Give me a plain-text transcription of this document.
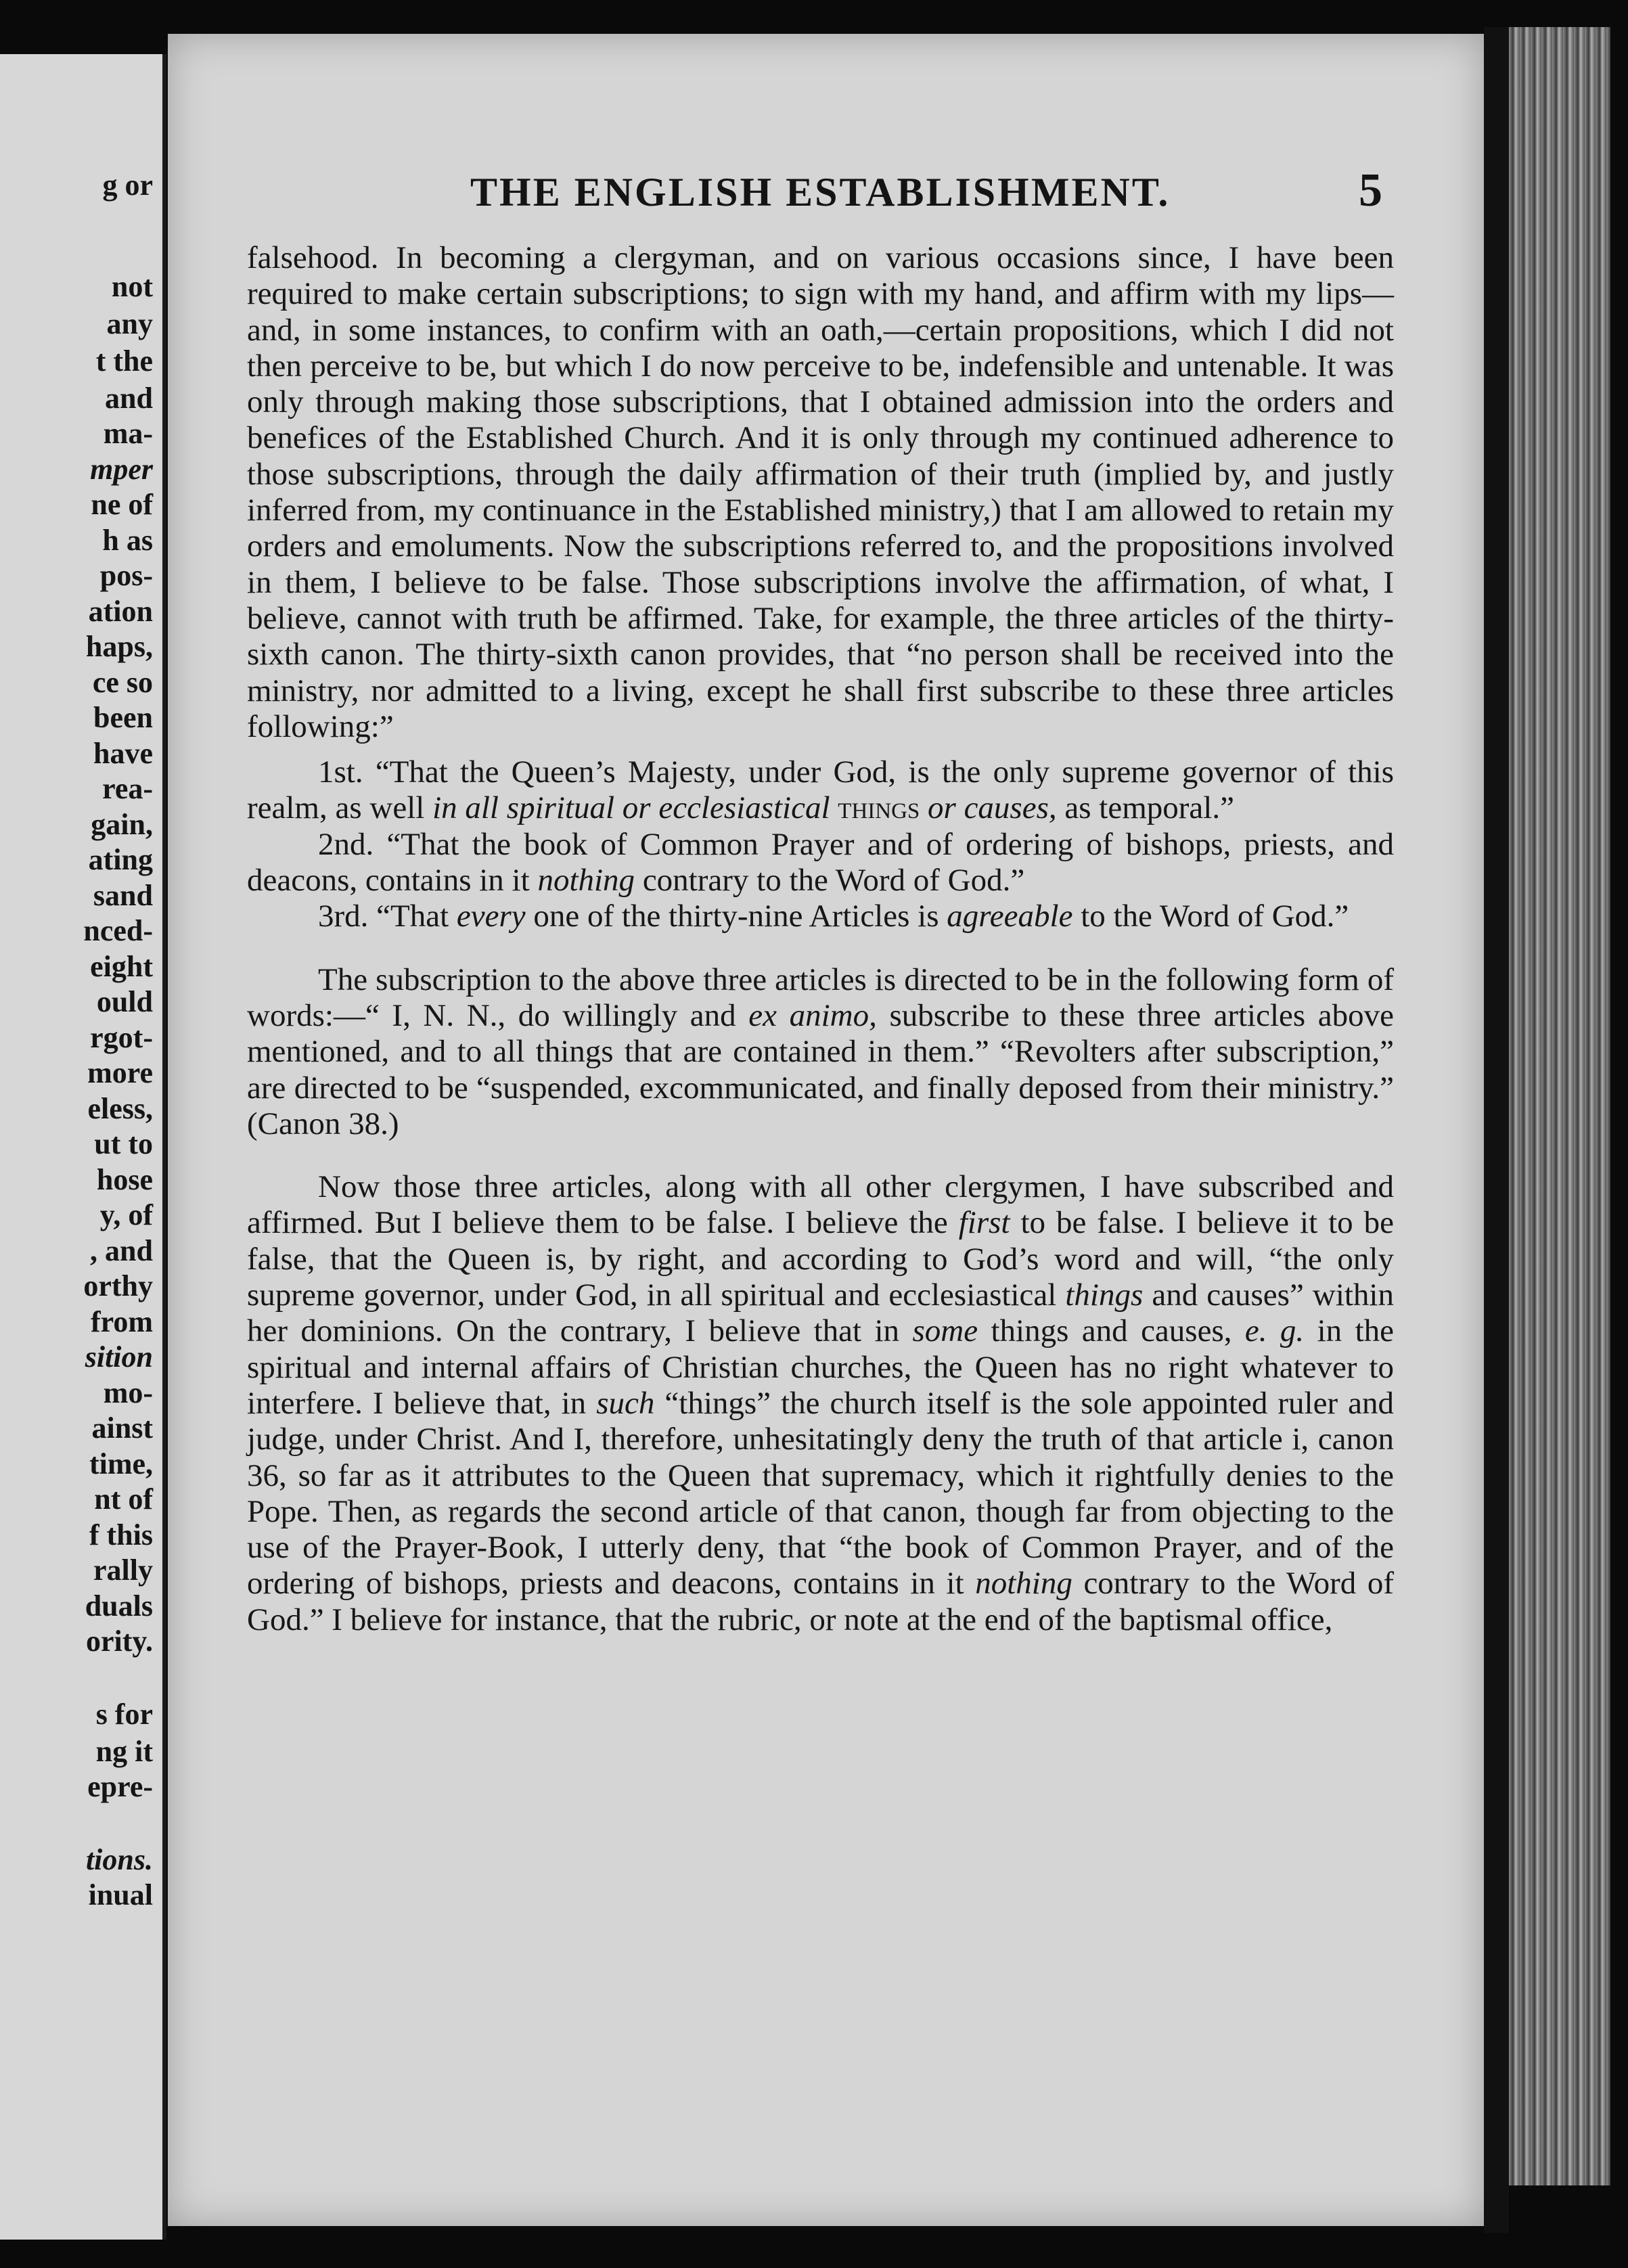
g or
not
any
t the
and
ma-
mper
ne of
h as
pos-
ation
haps,
ce so
been
have
rea-
gain,
ating
sand
nced-
eight
ould
rgot-
more
eless,
ut to
hose
y, of
, and
orthy
from
sition
mo-
ainst
time,
nt of
f this
rally
duals
ority.
s for
ng it
epre-
tions.
inual
THE ENGLISH ESTABLISHMENT.	5

falsehood. In becoming a clergyman, and on various occasions since, I have been required to make certain subscriptions; to sign with my hand, and affirm with my lips—and, in some instances, to confirm with an oath,—certain propositions, which I did not then perceive to be, but which I do now perceive to be, indefensible and untenable. It was only through making those subscriptions, that I obtained admission into the orders and benefices of the Established Church. And it is only through my continued adherence to those subscriptions, through the daily affirmation of their truth (implied by, and justly inferred from, my continuance in the Established ministry,) that I am allowed to retain my orders and emoluments. Now the subscriptions referred to, and the propositions involved in them, I believe to be false. Those subscriptions involve the affirmation, of what, I believe, cannot with truth be affirmed. Take, for example, the three articles of the thirty-sixth canon. The thirty-sixth canon provides, that “no person shall be received into the ministry, nor admitted to a living, except he shall first subscribe to these three articles following:”

1st. “That the Queen’s Majesty, under God, is the only supreme governor of this realm, as well in all spiritual or ecclesiastical things or causes, as temporal.”

2nd. “That the book of Common Prayer and of ordering of bishops, priests, and deacons, contains in it nothing contrary to the Word of God.”

3rd. “That every one of the thirty-nine Articles is agreeable to the Word of God.”

The subscription to the above three articles is directed to be in the following form of words:—“ I, N. N., do willingly and ex animo, subscribe to these three articles above mentioned, and to all things that are contained in them.” “Revolters after subscription,” are directed to be “suspended, excommunicated, and finally deposed from their ministry.” (Canon 38.)

Now those three articles, along with all other clergymen, I have subscribed and affirmed. But I believe them to be false. I believe the first to be false. I believe it to be false, that the Queen is, by right, and according to God’s word and will, “the only supreme governor, under God, in all spiritual and ecclesiastical things and causes” within her dominions. On the contrary, I believe that in some things and causes, e. g. in the spiritual and internal affairs of Christian churches, the Queen has no right whatever to interfere. I believe that, in such “things” the church itself is the sole appointed ruler and judge, under Christ. And I, therefore, unhesitatingly deny the truth of that article i, canon 36, so far as it attributes to the Queen that supremacy, which it rightfully denies to the Pope. Then, as regards the second article of that canon, though far from objecting to the use of the Prayer-Book, I utterly deny, that “the book of Common Prayer, and of the ordering of bishops, priests and deacons, contains in it nothing contrary to the Word of God.” I believe for instance, that the rubric, or note at the end of the baptismal office,
